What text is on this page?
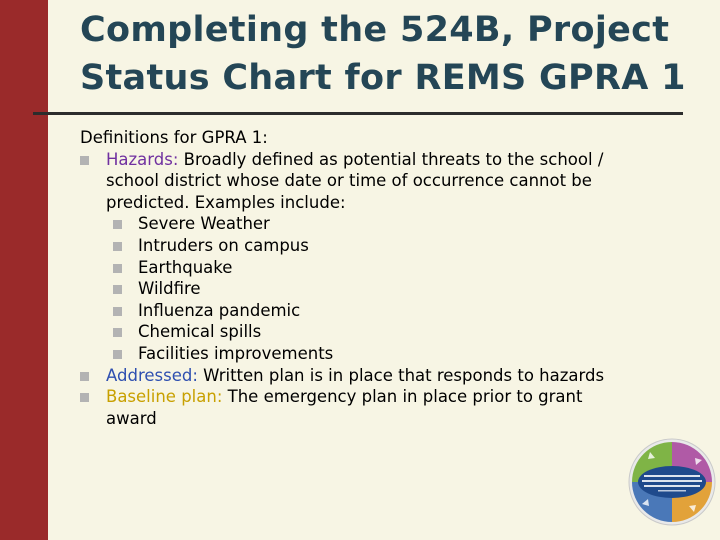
Completing the 524B, Project
Status Chart for REMS GPRA 1
Definitions for GPRA 1:
Hazards: Broadly defined as potential threats to the school /
school district whose date or time of occurrence cannot be
predicted. Examples include:
Severe Weather
Intruders on campus
Earthquake
Wildfire
Influenza pandemic
Chemical spills
Facilities improvements
Addressed: Written plan is in place that responds to hazards
Baseline plan: The emergency plan in place prior to grant
award
